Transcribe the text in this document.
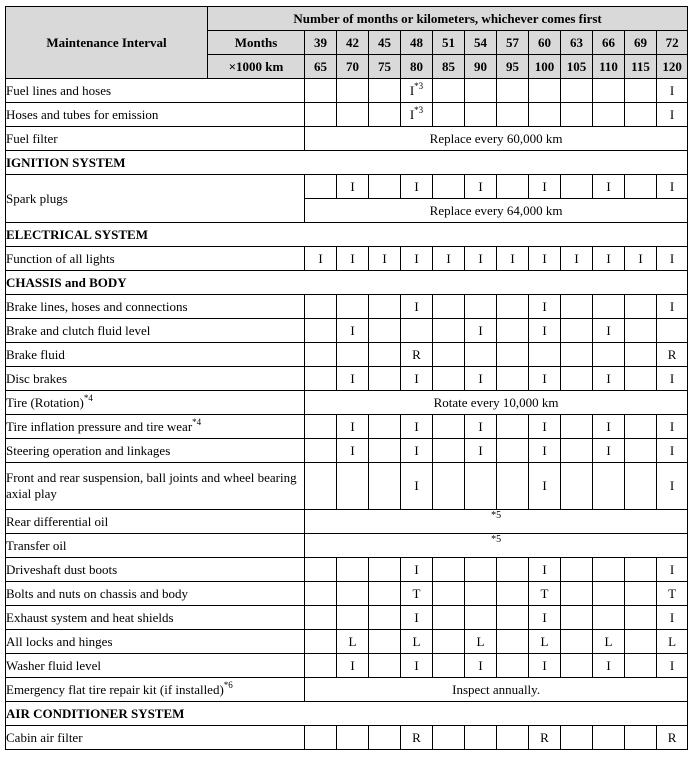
Maintenance Interval	Number of months or kilometers, whichever comes first												
	Months	39	42	45	48	51	54	57	60	63	66	69	72
	×1000 km	65	70	75	80	85	90	95	100	105	110	115	120
Fuel lines and hoses					$I^{*3}$								I
Hoses and tubes for emission					$I^{*3}$								I
Fuel filter		Replace every 60,000 km											
IGNITION SYSTEM													
Spark plugs			I		I		I		I		I		I
		Replace every 64,000 km											
ELECTRICAL SYSTEM													
Function of all lights		I	I	I	I	I	I	I	I	I	I	I	I
CHASSIS and BODY													
Brake lines, hoses and connections					I				I				I
Brake and clutch fluid level			I				I		I		I		
Brake fluid					R								R
Disc brakes			I		I		I		I		I		I
Tire (Rotation)$^{*4}$		Rotate every 10,000 km											
Tire inflation pressure and tire wear$^{*4}$			I		I		I		I		I		I
Steering operation and linkages			I		I		I		I		I		I
Front and rear suspension, ball joints and wheel bearing axial play					I				I				I
Rear differential oil		$^{*5}$
Transfer oil		$^{*5}$
Driveshaft dust boots					I				I				I
Bolts and nuts on chassis and body					T				T				T
Exhaust system and heat shields					I				I				I
All locks and hinges			L		L		L		L		L		L
Washer fluid level			I		I		I		I		I		I
Emergency flat tire repair kit (if installed)$^{*6}$		Inspect annually.											
AIR CONDITIONER SYSTEM													
Cabin air filter					R				R				R
